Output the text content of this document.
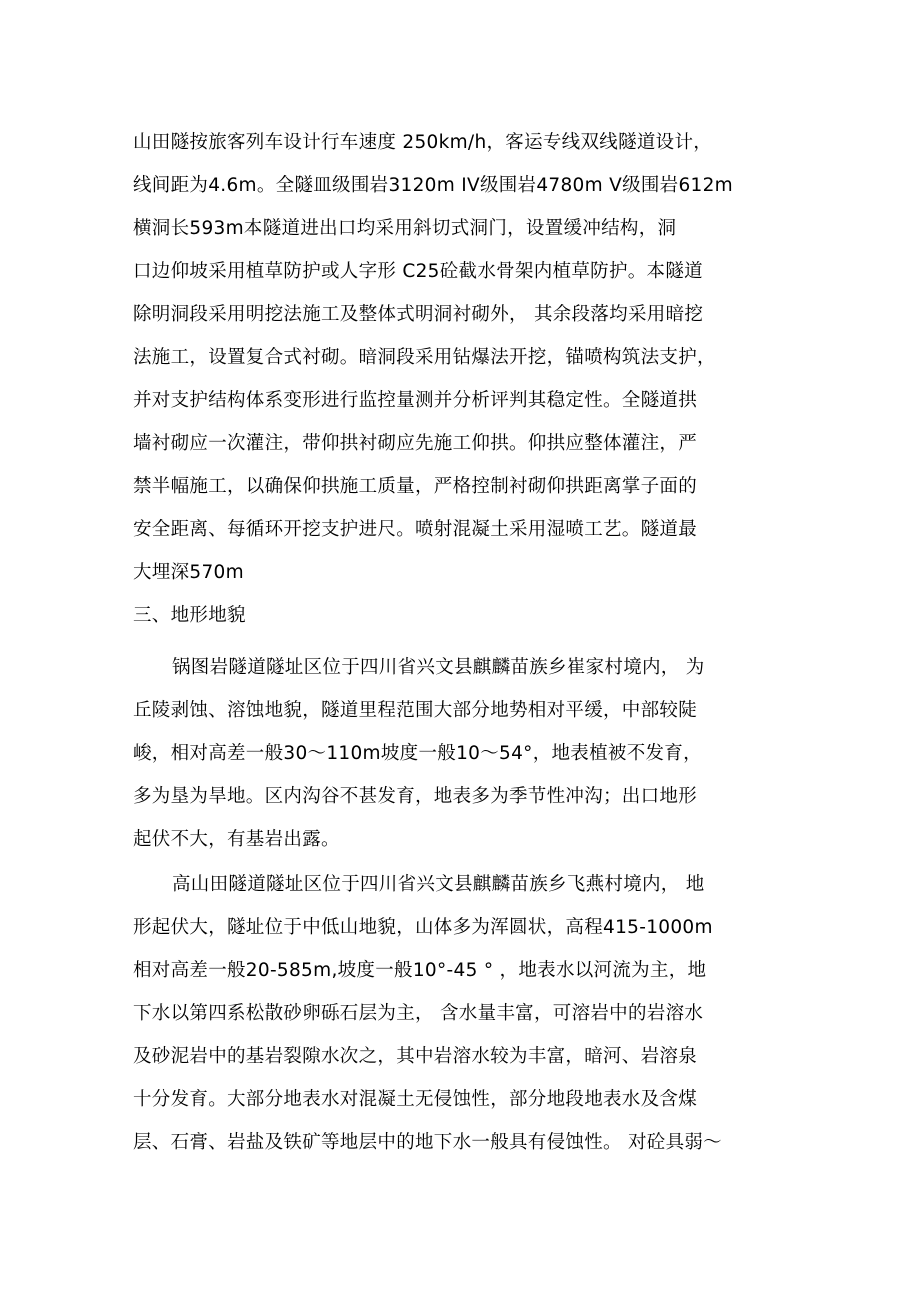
山田隧按旅客列车设计行车速度 250km/h，客运专线双线隧道设计，
线间距为4.6m。全隧皿级围岩3120m IV级围岩4780m V级围岩612m
横洞长593m本隧道进出口均采用斜切式洞门，设置缓冲结构，洞
口边仰坡采用植草防护或人字形 C25砼截水骨架内植草防护。本隧道
除明洞段采用明挖法施工及整体式明洞衬砌外， 其余段落均采用暗挖
法施工，设置复合式衬砌。暗洞段采用钻爆法开挖，锚喷构筑法支护，
并对支护结构体系变形进行监控量测并分析评判其稳定性。全隧道拱
墙衬砌应一次灌注，带仰拱衬砌应先施工仰拱。仰拱应整体灌注，严
禁半幅施工，以确保仰拱施工质量，严格控制衬砌仰拱距离掌子面的
安全距离、每循环开挖支护进尺。喷射混凝土采用湿喷工艺。隧道最
大埋深570m
三、地形地貌
锅图岩隧道隧址区位于四川省兴文县麒麟苗族乡崔家村境内， 为
丘陵剥蚀、溶蚀地貌，隧道里程范围大部分地势相对平缓，中部较陡
峻，相对高差一般30～110m坡度一般10～54°，地表植被不发育，
多为垦为旱地。区内沟谷不甚发育，地表多为季节性冲沟；出口地形
起伏不大，有基岩出露。
高山田隧道隧址区位于四川省兴文县麒麟苗族乡飞燕村境内， 地
形起伏大，隧址位于中低山地貌，山体多为浑圆状，高程415-1000m
相对高差一般20-585m,坡度一般10°-45 ° ，地表水以河流为主，地
下水以第四系松散砂卵砾石层为主， 含水量丰富，可溶岩中的岩溶水
及砂泥岩中的基岩裂隙水次之，其中岩溶水较为丰富，暗河、岩溶泉
十分发育。大部分地表水对混凝土无侵蚀性，部分地段地表水及含煤
层、石膏、岩盐及铁矿等地层中的地下水一般具有侵蚀性。 对砼具弱～
